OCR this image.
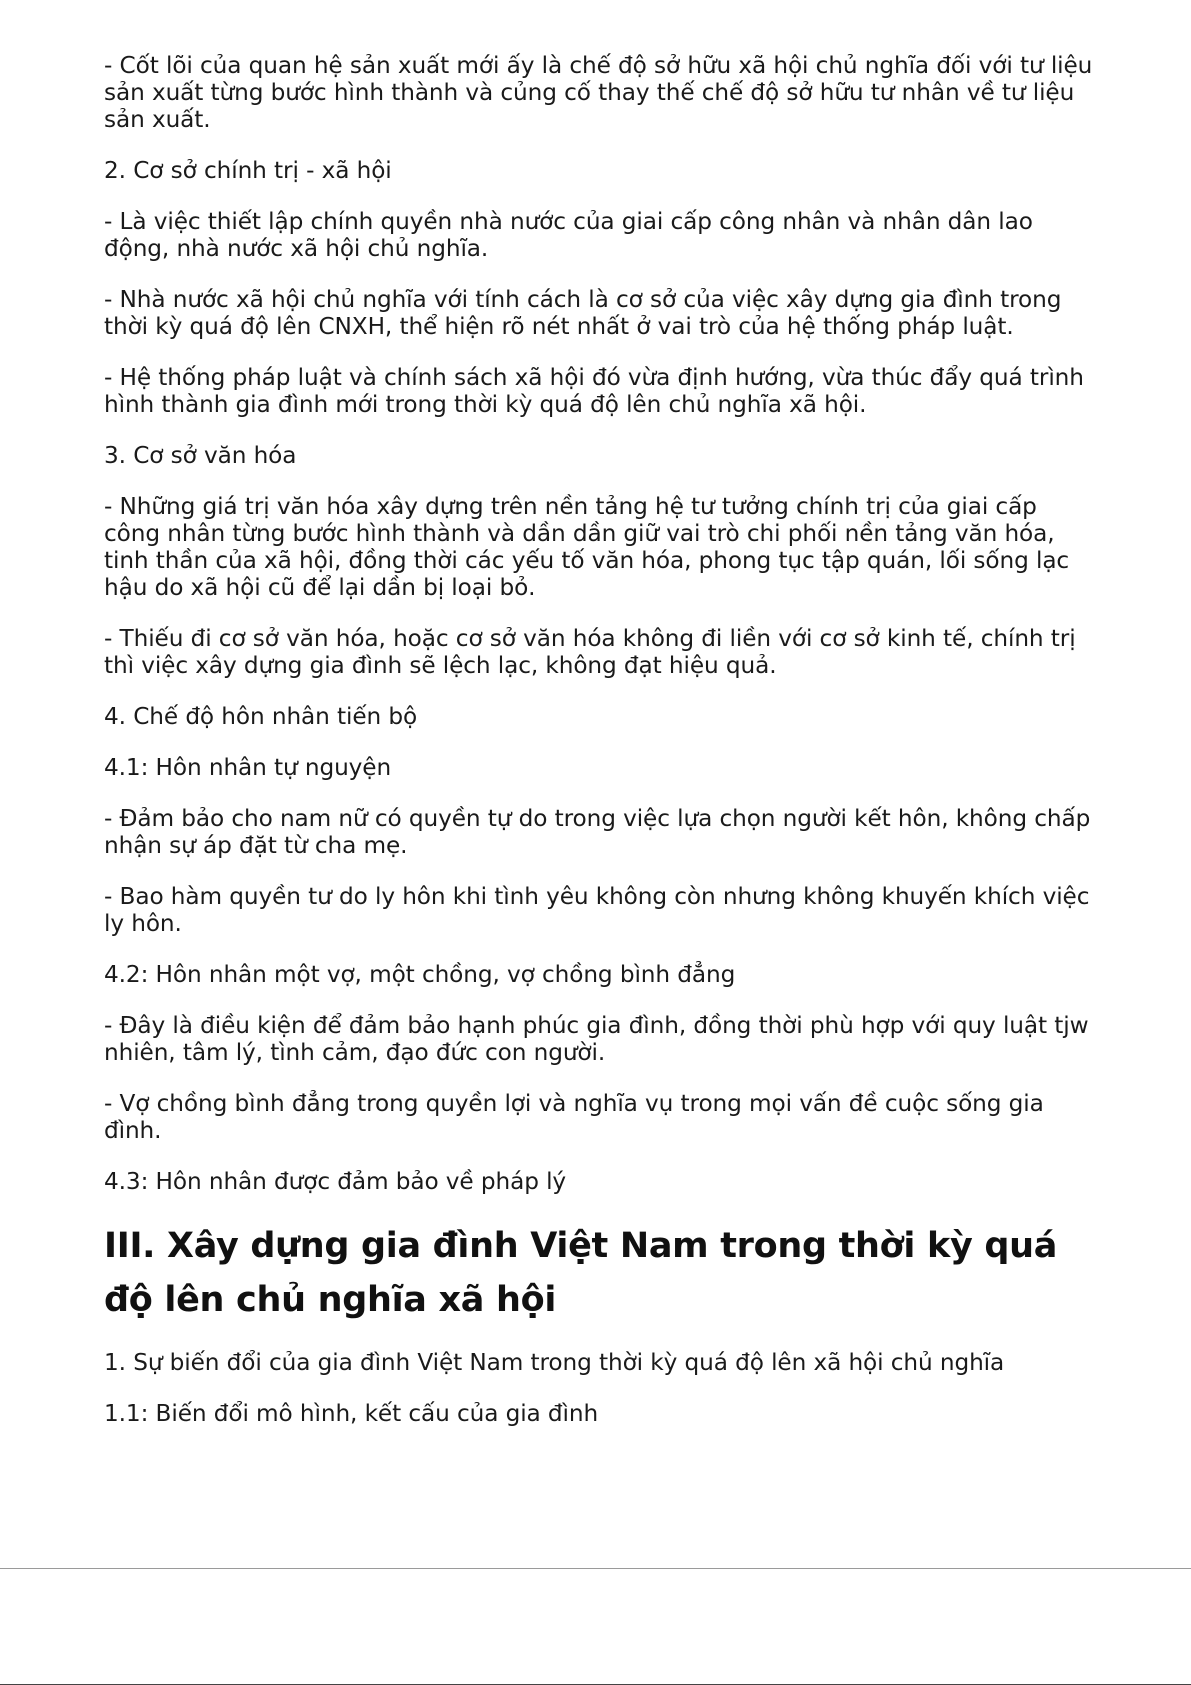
- Cốt lõi của quan hệ sản xuất mới ấy là chế độ sở hữu xã hội chủ nghĩa đối với tư liệu sản xuất từng bước hình thành và củng cố thay thế chế độ sở hữu tư nhân về tư liệu sản xuất.

2. Cơ sở chính trị - xã hội

- Là việc thiết lập chính quyền nhà nước của giai cấp công nhân và nhân dân lao động, nhà nước xã hội chủ nghĩa.

- Nhà nước xã hội chủ nghĩa với tính cách là cơ sở của việc xây dựng gia đình trong thời kỳ quá độ lên CNXH, thể hiện rõ nét nhất ở vai trò của hệ thống pháp luật.

- Hệ thống pháp luật và chính sách xã hội đó vừa định hướng, vừa thúc đẩy quá trình hình thành gia đình mới trong thời kỳ quá độ lên chủ nghĩa xã hội.

3. Cơ sở văn hóa

- Những giá trị văn hóa xây dựng trên nền tảng hệ tư tưởng chính trị của giai cấp công nhân từng bước hình thành và dần dần giữ vai trò chi phối nền tảng văn hóa, tinh thần của xã hội, đồng thời các yếu tố văn hóa, phong tục tập quán, lối sống lạc hậu do xã hội cũ để lại dần bị loại bỏ.

- Thiếu đi cơ sở văn hóa, hoặc cơ sở văn hóa không đi liền với cơ sở kinh tế, chính trị thì việc xây dựng gia đình sẽ lệch lạc, không đạt hiệu quả.

4. Chế độ hôn nhân tiến bộ

4.1: Hôn nhân tự nguyện

- Đảm bảo cho nam nữ có quyền tự do trong việc lựa chọn người kết hôn, không chấp nhận sự áp đặt từ cha mẹ.

- Bao hàm quyền tư do ly hôn khi tình yêu không còn nhưng không khuyến khích việc ly hôn.

4.2: Hôn nhân một vợ, một chồng, vợ chồng bình đẳng

- Đây là điều kiện để đảm bảo hạnh phúc gia đình, đồng thời phù hợp với quy luật tjw nhiên, tâm lý, tình cảm, đạo đức con người.

- Vợ chồng bình đẳng trong quyền lợi và nghĩa vụ trong mọi vấn đề cuộc sống gia đình.

4.3: Hôn nhân được đảm bảo về pháp lý

III. Xây dựng gia đình Việt Nam trong thời kỳ quá độ lên chủ nghĩa xã hội

1. Sự biến đổi của gia đình Việt Nam trong thời kỳ quá độ lên xã hội chủ nghĩa

1.1: Biến đổi mô hình, kết cấu của gia đình
